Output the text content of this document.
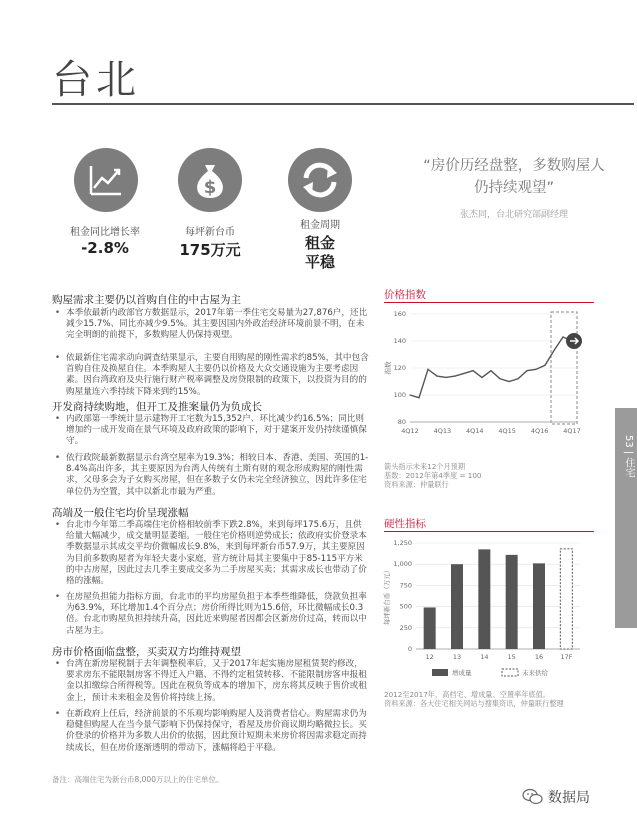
台北
租金同比增长率
-2.8%
$
每坪新台币
175万元
租金周期
租金
平稳
“房价历经盘整，多数购屋人
仍持续观望”
张杰同，台北研究部副经理
购屋需求主要仍以首购自住的中古屋为主
• 本季依最新内政部官方数据显示，2017年第一季住宅交易量为27,876户，还比减少15.7%、同比亦减少9.5%。其主要因国内外政治经济环境前景不明，在未完全明朗的前提下，多数购屋人仍保持观望。
• 依最新住宅需求动向调查结果显示，主要自用购屋的刚性需求约85%，其中包含首购自住及换屋自住。本季购屋人主要仍以价格及大众交通设施为主要考虑因素。因台湾政府及央行施行财产税率调整及房贷限制的政策下，以投资为目的的购屋量连六季持续下降来到约15%。
开发商持续购地，但开工及推案量仍为负成长
• 内政部第一季统计显示建物开工宅数为15,352户、环比减少约16.5%；同比则增加约一成开发商在景气环境及政府政策的影响下，对于建案开发仍持续谨慎保守。
• 依行政院最新数据显示台湾空屋率为19.3%；相较日本、香港、美国、英国的1-8.4%高出许多，其主要原因为台湾人传统有土斯有财的观念形成购屋的刚性需求，父母多会为子女购买房屋，但在多数子女仍未完全经济独立，因此许多住宅单位仍为空置，其中以新北市最为严重。
高端及一般住宅均价呈现涨幅
• 台北市今年第二季高端住宅价格相较前季下跌2.8%，来到每坪175.6万，且供给量大幅减少，成交量明显萎缩。一般住宅价格则逆势成长；依政府实价登录本季数据显示其成交平均价微幅成长9.8%，来到每坪新台币57.9万，其主要原因为目前多数购屋者为年轻夫妻小家庭，营方统计局其主要集中于85-115平方米的中古房屋，因此过去几季主要成交多为二手房屋买卖；其需求成长也带动了价格的涨幅。
• 在房屋负担能力指标方面，台北市的平均房屋负担于本季些维降低，贷款负担率为63.9%，环比增加1.4个百分点；房价所得比则为15.6倍，环比微幅成长0.3倍。台北市购屋负担持续升高，因此近来购屋者因都会区新房价过高，转而以中古屋为主。
房市价格面临盘整，买卖双方均维持观望
• 台湾在新房屋税制于去年调整税率后，又于2017年起实施房屋租赁契约修改，要求房东不能限制房客不得迁入户籍、不得约定租赁转移、不能限制房客申报租金以扣缴综合所得税等。因此在税负等成本的增加下，房东将其反映于售价或租金上，预计未来租金及售价将持续上扬。
• 在新政府上任后，经济前景的不乐观均影响购屋人及消费者信心。购屋需求仍为稳健但购屋人在当今景气影响下仍保持保守，看屋及房价商议期均略微拉长。买价登录的价格并为多数人出价的依据，因此预计短期未来房价将因需求稳定而持续成长，但在房价逐渐透明的带动下，涨幅将趋于平稳。
备注：高端住宅为新台币8,000万以上的住宅单位。
价格指数
80
100
120
140
160
指数
4Q12 4Q13 4Q14 4Q15 4Q16 4Q17
箭头指示未来12个月预期
基数：2012年第4季度 = 100
资料来源：仲量联行
硬性指标
0
250
500
750
1,000
1,250
每坪新台币（万元）
12	13	14	15	16	17F
增成量	未来供给
2012至2017年，高档宅、增成量、空置率年底值。
资料来源：各大住宅相关网站与搜集资讯，仲量联行整理
53 | 住宅
数据局
